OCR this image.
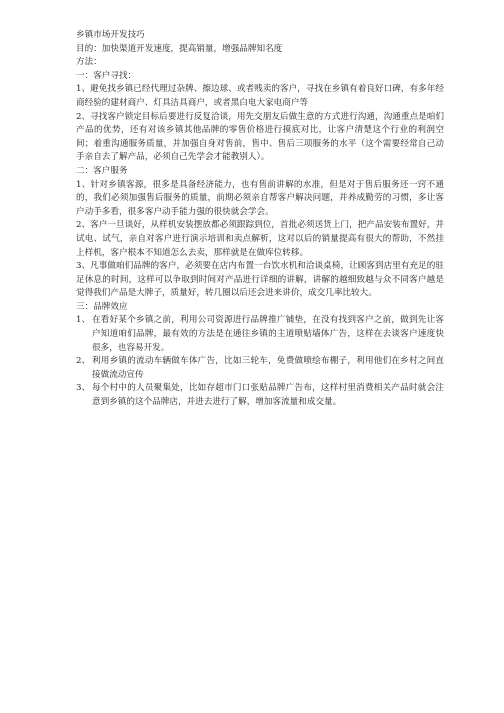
乡镇市场开发技巧

目的：加快渠道开发速度，提高销量，增强品牌知名度

方法：

一：客户寻找：

1、避免找乡镇已经代理过杂牌、擦边球、或者贱卖的客户，寻找在乡镇有着良好口碑，有多年经商经验的建材商户、灯具洁具商户，或者黑白电大家电商户等

2、寻找客户锁定目标后要进行反复洽谈，用先交朋友后做生意的方式进行沟通，沟通重点是咱们产品的优势，还有对该乡镇其他品牌的零售价格进行摸底对比，让客户清楚这个行业的利润空间；着重沟通服务质量，并加强自身对售前，售中、售后三项服务的水平（这个需要经常自己动手亲自去了解产品，必须自己先学会才能教别人）。

二：客户服务

1、针对乡镇客源，很多是具备经济能力，也有售前讲解的水准，但是对于售后服务还一窍不通的，我们必须加强售后服务的质量，前期必须亲自帮客户解决问题，并养成勤劳的习惯，多让客户动手多看，很多客户动手能力强的很快就会学会。

2、客户一旦谈好，从样机安装摆放都必须跟踪到位，首批必须送货上门，把产品安装布置好，并试电、试气，亲自对客户进行演示培训和卖点解析，这对以后的销量提高有很大的帮助，不然挂上样机，客户根本不知道怎么去卖，那样就是在做库位转移。

3、凡事做咱们品牌的客户，必须要在店内布置一台饮水机和洽谈桌椅，让顾客到店里有充足的驻足休息的时间，这样可以争取到时间对产品进行详细的讲解，讲解的越细致越与众不同客户越是觉得我们产品是大牌子，质量好，转几圈以后还会进来讲价，成交几率比较大。

三：品牌效应

1、 在看好某个乡镇之前，利用公司资源进行品牌推广铺垫，在没有找到客户之前，做到先让客户知道咱们品牌，最有效的方法是在通往乡镇的主道喷贴墙体广告，这样在去谈客户速度快很多，也容易开发。
2、 利用乡镇的流动车辆做车体广告，比如三轮车，免费做喷绘布棚子，利用他们在乡村之间直接做流动宣传
3、 每个村中的人员聚集处，比如存超市门口张贴品牌广告布，这样村里消费相关产品时就会注意到乡镇的这个品牌店，并进去进行了解，增加客流量和成交量。
